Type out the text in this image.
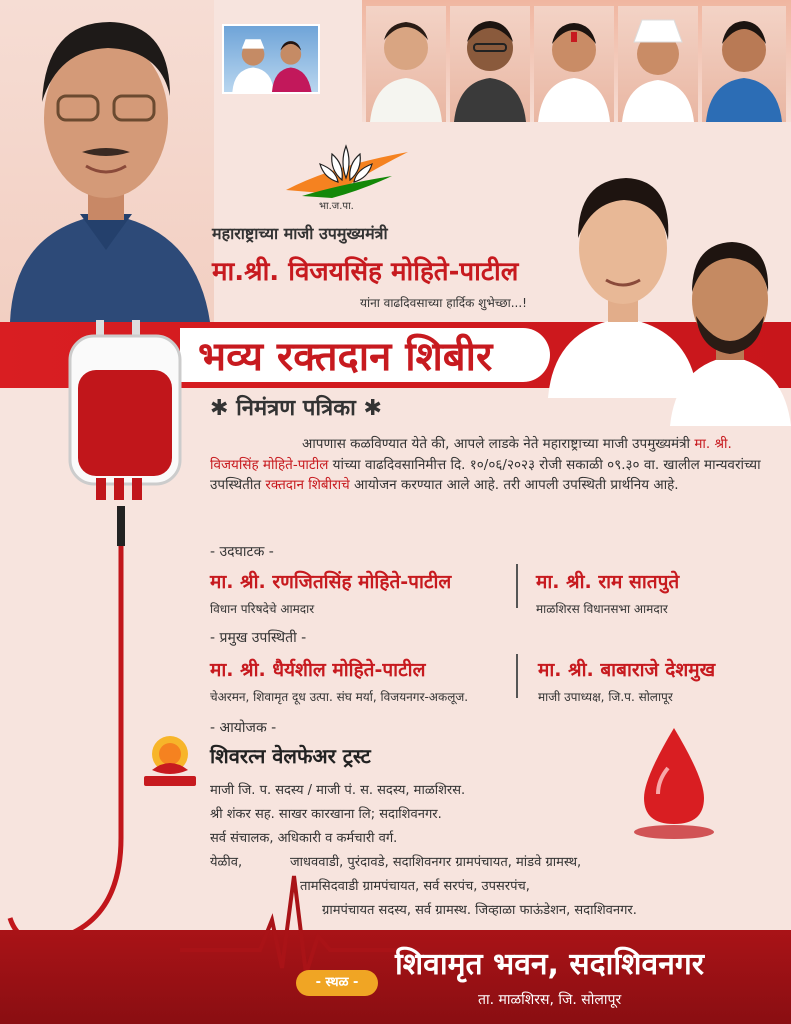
भा.ज.पा.
महाराष्ट्राच्या माजी उपमुख्यमंत्री
मा.श्री. विजयसिंह मोहिते-पाटील
यांना वाढदिवसाच्या हार्दिक शुभेच्छा...!
भव्य रक्तदान शिबीर
✱ निमंत्रण पत्रिका ✱
आपणास कळविण्यात येते की, आपले लाडके नेते महाराष्ट्राच्या माजी उपमुख्यमंत्री मा. श्री. विजयसिंह मोहिते-पाटील यांच्या वाढदिवसानिमीत्त दि. १०/०६/२०२३ रोजी सकाळी ०९.३० वा. खालील मान्यवरांच्या उपस्थितीत रक्तदान शिबीराचे आयोजन करण्यात आले आहे. तरी आपली उपस्थिती प्रार्थनिय आहे.
- उदघाटक -
मा. श्री. रणजितसिंह मोहिते-पाटील
विधान परिषदेचे आमदार
मा. श्री. राम सातपुते
माळशिरस विधानसभा आमदार
- प्रमुख उपस्थिती -
मा. श्री. धैर्यशील मोहिते-पाटील
चेअरमन, शिवामृत दूध उत्पा. संघ मर्या, विजयनगर-अकलूज.
मा. श्री. बाबाराजे देशमुख
माजी उपाध्यक्ष, जि.प. सोलापूर
- आयोजक -
शिवरत्न वेलफेअर ट्रस्ट
माजी जि. प. सदस्य / माजी पं. स. सदस्य, माळशिरस.
श्री शंकर सह. साखर कारखाना लि; सदाशिवनगर.
सर्व संचालक, अधिकारी व कर्मचारी वर्ग.
येळीव,	जाधववाडी, पुरंदावडे, सदाशिवनगर ग्रामपंचायत, मांडवे ग्रामस्थ,
तामसिदवाडी ग्रामपंचायत, सर्व सरपंच, उपसरपंच,
ग्रामपंचायत सदस्य, सर्व ग्रामस्थ. जिव्हाळा फाऊंडेशन, सदाशिवनगर.
- स्थळ -
शिवामृत भवन, सदाशिवनगर
ता. माळशिरस, जि. सोलापूर
